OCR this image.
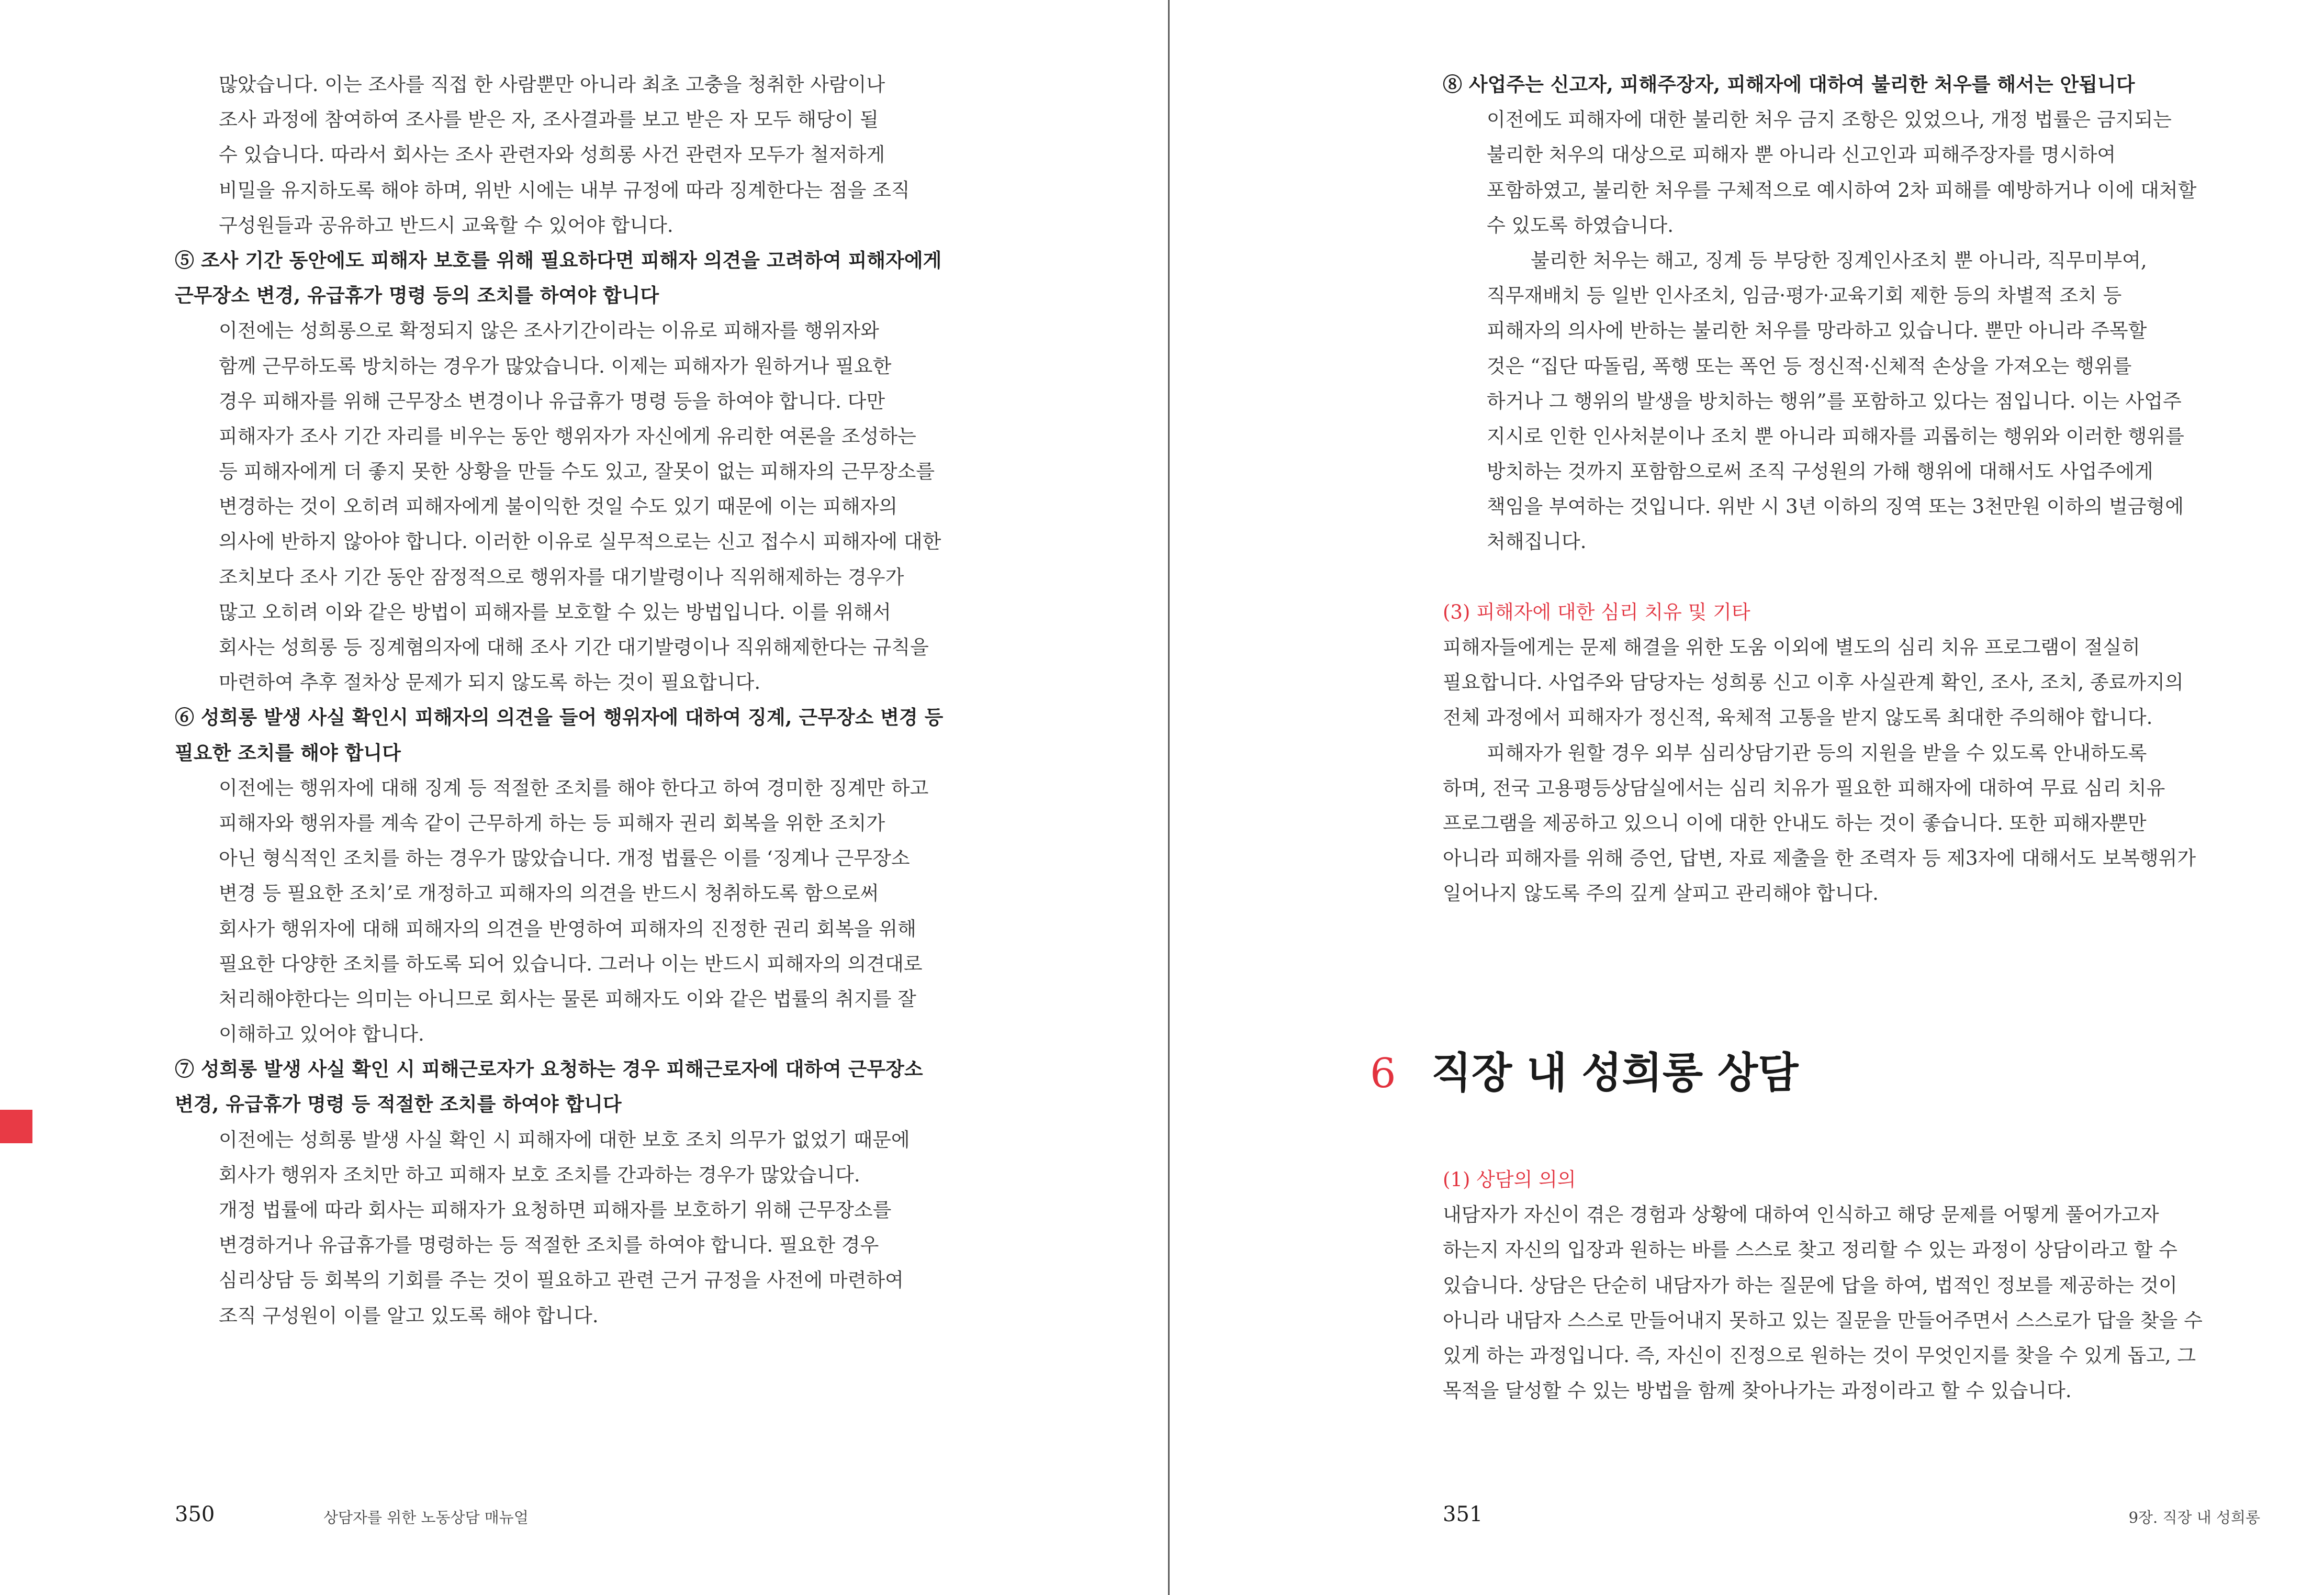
많았습니다. 이는 조사를 직접 한 사람뿐만 아니라 최초 고충을 청취한 사람이나
조사 과정에 참여하여 조사를 받은 자, 조사결과를 보고 받은 자 모두 해당이 될
수 있습니다. 따라서 회사는 조사 관련자와 성희롱 사건 관련자 모두가 철저하게
비밀을 유지하도록 해야 하며, 위반 시에는 내부 규정에 따라 징계한다는 점을 조직
구성원들과 공유하고 반드시 교육할 수 있어야 합니다.
⑤ 조사 기간 동안에도 피해자 보호를 위해 필요하다면 피해자 의견을 고려하여 피해자에게
근무장소 변경, 유급휴가 명령 등의 조치를 하여야 합니다
이전에는 성희롱으로 확정되지 않은 조사기간이라는 이유로 피해자를 행위자와
함께 근무하도록 방치하는 경우가 많았습니다. 이제는 피해자가 원하거나 필요한
경우 피해자를 위해 근무장소 변경이나 유급휴가 명령 등을 하여야 합니다. 다만
피해자가 조사 기간 자리를 비우는 동안 행위자가 자신에게 유리한 여론을 조성하는
등 피해자에게 더 좋지 못한 상황을 만들 수도 있고, 잘못이 없는 피해자의 근무장소를
변경하는 것이 오히려 피해자에게 불이익한 것일 수도 있기 때문에 이는 피해자의
의사에 반하지 않아야 합니다. 이러한 이유로 실무적으로는 신고 접수시 피해자에 대한
조치보다 조사 기간 동안 잠정적으로 행위자를 대기발령이나 직위해제하는 경우가
많고 오히려 이와 같은 방법이 피해자를 보호할 수 있는 방법입니다. 이를 위해서
회사는 성희롱 등 징계혐의자에 대해 조사 기간 대기발령이나 직위해제한다는 규칙을
마련하여 추후 절차상 문제가 되지 않도록 하는 것이 필요합니다.
⑥ 성희롱 발생 사실 확인시 피해자의 의견을 들어 행위자에 대하여 징계, 근무장소 변경 등
필요한 조치를 해야 합니다
이전에는 행위자에 대해 징계 등 적절한 조치를 해야 한다고 하여 경미한 징계만 하고
피해자와 행위자를 계속 같이 근무하게 하는 등 피해자 권리 회복을 위한 조치가
아닌 형식적인 조치를 하는 경우가 많았습니다. 개정 법률은 이를 ‘징계나 근무장소
변경 등 필요한 조치’로 개정하고 피해자의 의견을 반드시 청취하도록 함으로써
회사가 행위자에 대해 피해자의 의견을 반영하여 피해자의 진정한 권리 회복을 위해
필요한 다양한 조치를 하도록 되어 있습니다. 그러나 이는 반드시 피해자의 의견대로
처리해야한다는 의미는 아니므로 회사는 물론 피해자도 이와 같은 법률의 취지를 잘
이해하고 있어야 합니다.
⑦ 성희롱 발생 사실 확인 시 피해근로자가 요청하는 경우 피해근로자에 대하여 근무장소
변경, 유급휴가 명령 등 적절한 조치를 하여야 합니다
이전에는 성희롱 발생 사실 확인 시 피해자에 대한 보호 조치 의무가 없었기 때문에
회사가 행위자 조치만 하고 피해자 보호 조치를 간과하는 경우가 많았습니다.
개정 법률에 따라 회사는 피해자가 요청하면 피해자를 보호하기 위해 근무장소를
변경하거나 유급휴가를 명령하는 등 적절한 조치를 하여야 합니다. 필요한 경우
심리상담 등 회복의 기회를 주는 것이 필요하고 관련 근거 규정을 사전에 마련하여
조직 구성원이 이를 알고 있도록 해야 합니다.
350	상담자를 위한 노동상담 매뉴얼
⑧ 사업주는 신고자, 피해주장자, 피해자에 대하여 불리한 처우를 해서는 안됩니다
이전에도 피해자에 대한 불리한 처우 금지 조항은 있었으나, 개정 법률은 금지되는
불리한 처우의 대상으로 피해자 뿐 아니라 신고인과 피해주장자를 명시하여
포함하였고, 불리한 처우를 구체적으로 예시하여 2차 피해를 예방하거나 이에 대처할
수 있도록 하였습니다.
불리한 처우는 해고, 징계 등 부당한 징계인사조치 뿐 아니라, 직무미부여,
직무재배치 등 일반 인사조치, 임금·평가·교육기회 제한 등의 차별적 조치 등
피해자의 의사에 반하는 불리한 처우를 망라하고 있습니다. 뿐만 아니라 주목할
것은 “집단 따돌림, 폭행 또는 폭언 등 정신적·신체적 손상을 가져오는 행위를
하거나 그 행위의 발생을 방치하는 행위”를 포함하고 있다는 점입니다. 이는 사업주
지시로 인한 인사처분이나 조치 뿐 아니라 피해자를 괴롭히는 행위와 이러한 행위를
방치하는 것까지 포함함으로써 조직 구성원의 가해 행위에 대해서도 사업주에게
책임을 부여하는 것입니다. 위반 시 3년 이하의 징역 또는 3천만원 이하의 벌금형에
처해집니다.
(3) 피해자에 대한 심리 치유 및 기타
피해자들에게는 문제 해결을 위한 도움 이외에 별도의 심리 치유 프로그램이 절실히
필요합니다. 사업주와 담당자는 성희롱 신고 이후 사실관계 확인, 조사, 조치, 종료까지의
전체 과정에서 피해자가 정신적, 육체적 고통을 받지 않도록 최대한 주의해야 합니다.
피해자가 원할 경우 외부 심리상담기관 등의 지원을 받을 수 있도록 안내하도록
하며, 전국 고용평등상담실에서는 심리 치유가 필요한 피해자에 대하여 무료 심리 치유
프로그램을 제공하고 있으니 이에 대한 안내도 하는 것이 좋습니다. 또한 피해자뿐만
아니라 피해자를 위해 증언, 답변, 자료 제출을 한 조력자 등 제3자에 대해서도 보복행위가
일어나지 않도록 주의 깊게 살피고 관리해야 합니다.
6 직장 내 성희롱 상담
(1) 상담의 의의
내담자가 자신이 겪은 경험과 상황에 대하여 인식하고 해당 문제를 어떻게 풀어가고자
하는지 자신의 입장과 원하는 바를 스스로 찾고 정리할 수 있는 과정이 상담이라고 할 수
있습니다. 상담은 단순히 내담자가 하는 질문에 답을 하여, 법적인 정보를 제공하는 것이
아니라 내담자 스스로 만들어내지 못하고 있는 질문을 만들어주면서 스스로가 답을 찾을 수
있게 하는 과정입니다. 즉, 자신이 진정으로 원하는 것이 무엇인지를 찾을 수 있게 돕고, 그
목적을 달성할 수 있는 방법을 함께 찾아나가는 과정이라고 할 수 있습니다.
351	9장. 직장 내 성희롱
